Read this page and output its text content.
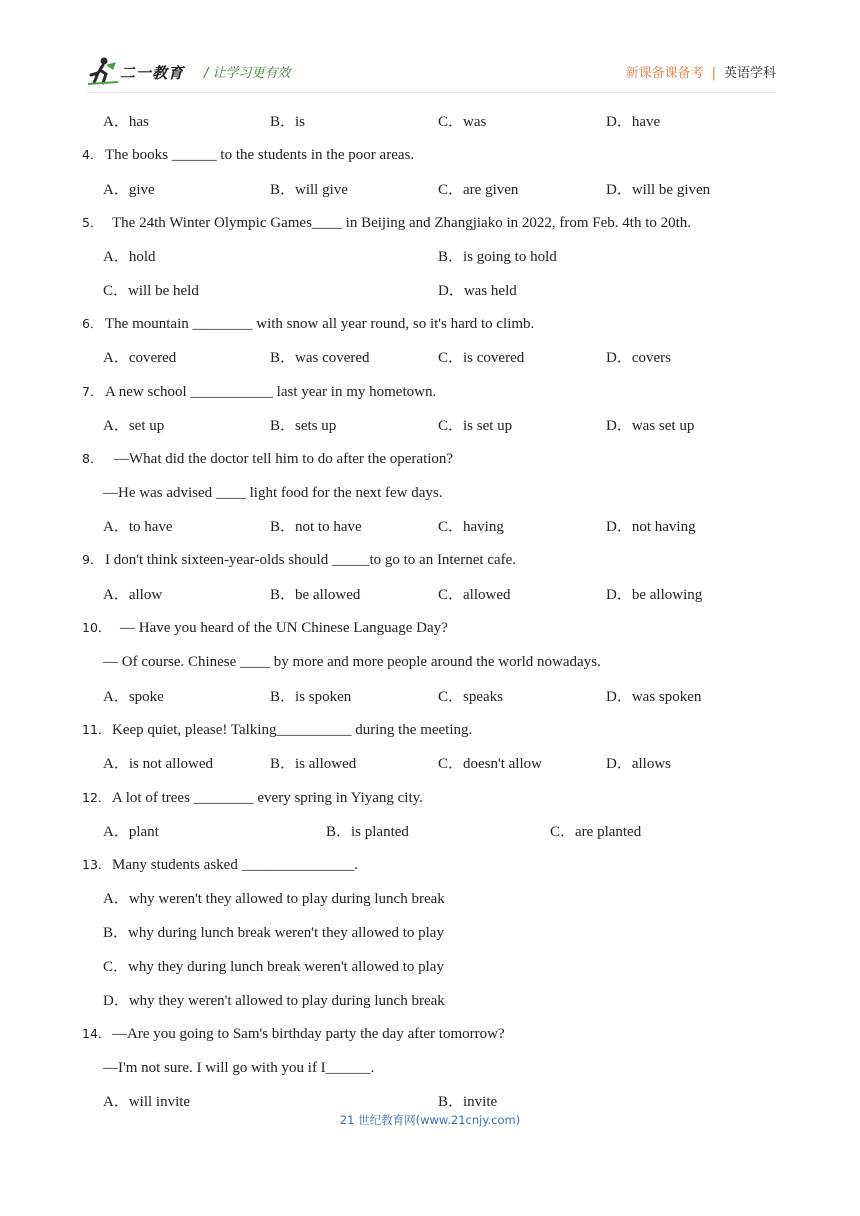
二一教育 / 让学习更有效	新课备课备考 | 英语学科
A．has	B．is	C．was	D．have
4． The books ______ to the students in the poor areas.
A．give	B．will give	C．are given	D．will be given
5． The 24th Winter Olympic Games____ in Beijing and Zhangjiako in 2022, from Feb. 4th to 20th.
A．hold	B．is going to hold
C．will be held	D．was held
6． The mountain ________ with snow all year round, so it's hard to climb.
A．covered	B．was covered	C．is covered	D．covers
7． A new school ___________ last year in my hometown.
A．set up	B．sets up	C．is set up	D．was set up
8． —What did the doctor tell him to do after the operation?
—He was advised ____ light food for the next few days.
A．to have	B．not to have	C．having	D．not having
9． I don't think sixteen-year-olds should _____to go to an Internet cafe.
A．allow	B．be allowed	C．allowed	D．be allowing
10． — Have you heard of the UN Chinese Language Day?
— Of course. Chinese ____ by more and more people around the world nowadays.
A．spoke	B．is spoken	C．speaks	D．was spoken
11． Keep quiet, please! Talking__________ during the meeting.
A．is not allowed	B．is allowed	C．doesn't allow	D．allows
12． A lot of trees ________ every spring in Yiyang city.
A．plant	B．is planted	C．are planted
13． Many students asked _______________.
A．why weren't they allowed to play during lunch break
B．why during lunch break weren't they allowed to play
C．why they during lunch break weren't allowed to play
D．why they weren't allowed to play during lunch break
14． —Are you going to Sam's birthday party the day after tomorrow?
—I'm not sure. I will go with you if I______.
A．will invite	B．invite
21 世纪教育网(www.21cnjy.com)
